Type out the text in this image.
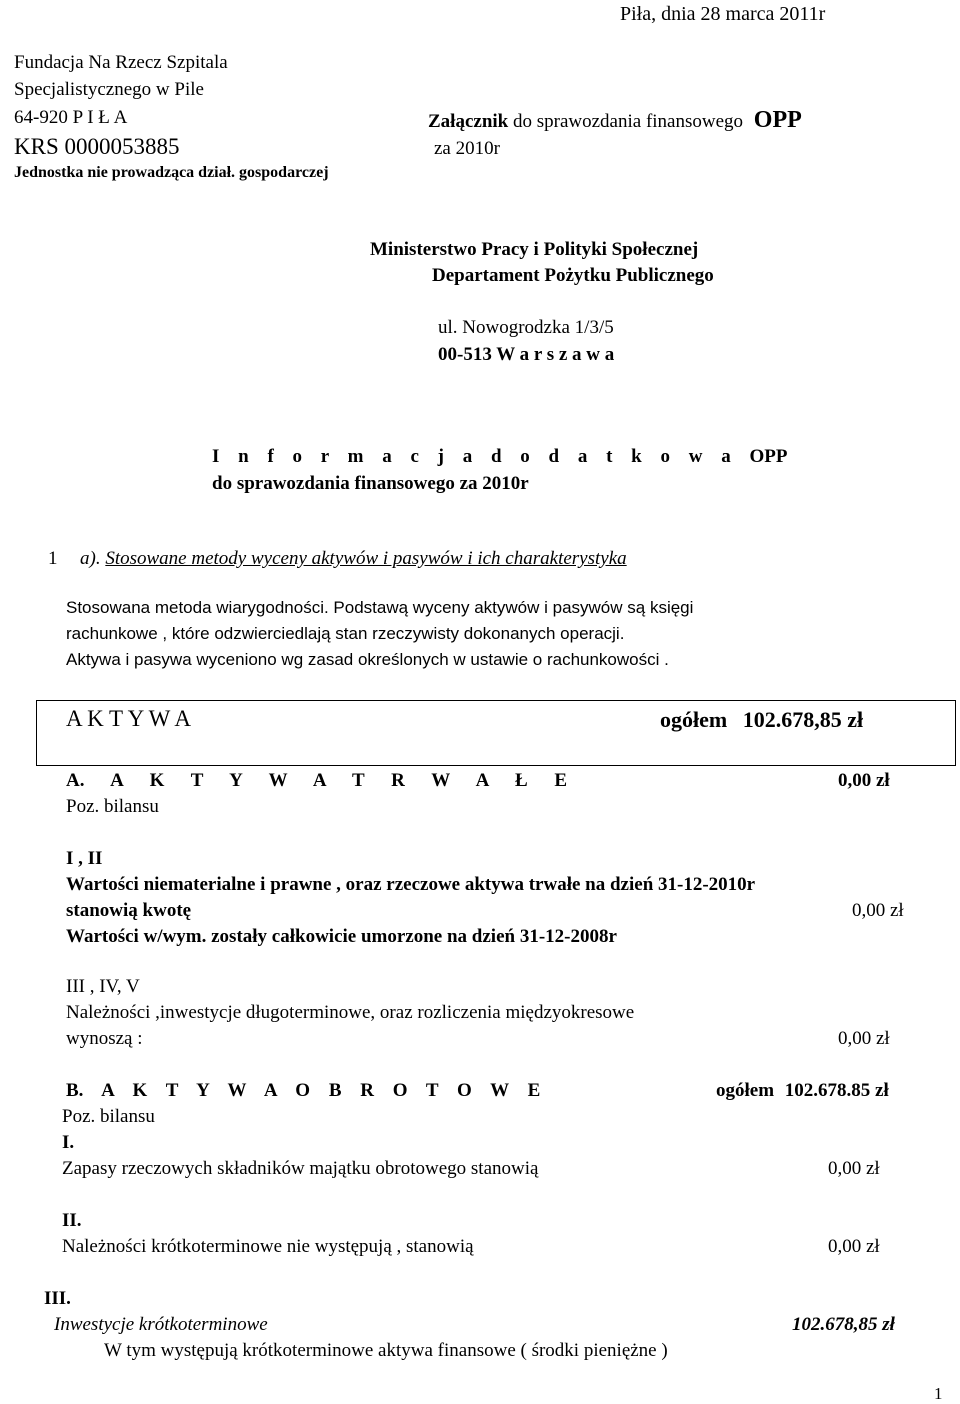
Piła, dnia 28 marca 2011r
Fundacja Na Rzecz Szpitala
Specjalistycznego w Pile
64-920 P I Ł A
KRS 0000053885
Jednostka nie prowadząca dział. gospodarczej
Załącznik do sprawozdania finansowego OPP
za 2010r
Ministerstwo Pracy i Polityki Społecznej
Departament Pożytku Publicznego
ul. Nowogrodzka 1/3/5
00-513 W a r s z a w a
I n f o r m a c j a d o d a t k o w a OPP
do sprawozdania finansowego za 2010r
1 a). Stosowane metody wyceny aktywów i pasywów i ich charakterystyka
Stosowana metoda wiarygodności. Podstawą wyceny aktywów i pasywów są księgi
rachunkowe , które odzwierciedlają stan rzeczywisty dokonanych operacji.
Aktywa i pasywa wyceniono wg zasad określonych w ustawie o rachunkowości .
A K T Y W A	ogółem 102.678,85 zł
A. A K T Y W A T R W A Ł E	0,00 zł
Poz. bilansu
I , II
Wartości niematerialne i prawne , oraz rzeczowe aktywa trwałe na dzień 31-12-2010r
stanowią kwotę	0,00 zł
Wartości w/wym. zostały całkowicie umorzone na dzień 31-12-2008r
III , IV, V
Należności ,inwestycje długoterminowe, oraz rozliczenia międzyokresowe
wynoszą :	0,00 zł
B. A K T Y W A O B R O T O W E	ogółem 102.678.85 zł
Poz. bilansu
I.
Zapasy rzeczowych składników majątku obrotowego stanowią	0,00 zł
II.
Należności krótkoterminowe nie występują , stanowią	0,00 zł
III.
Inwestycje krótkoterminowe	102.678,85 zł
W tym występują krótkoterminowe aktywa finansowe ( środki pieniężne )
1
